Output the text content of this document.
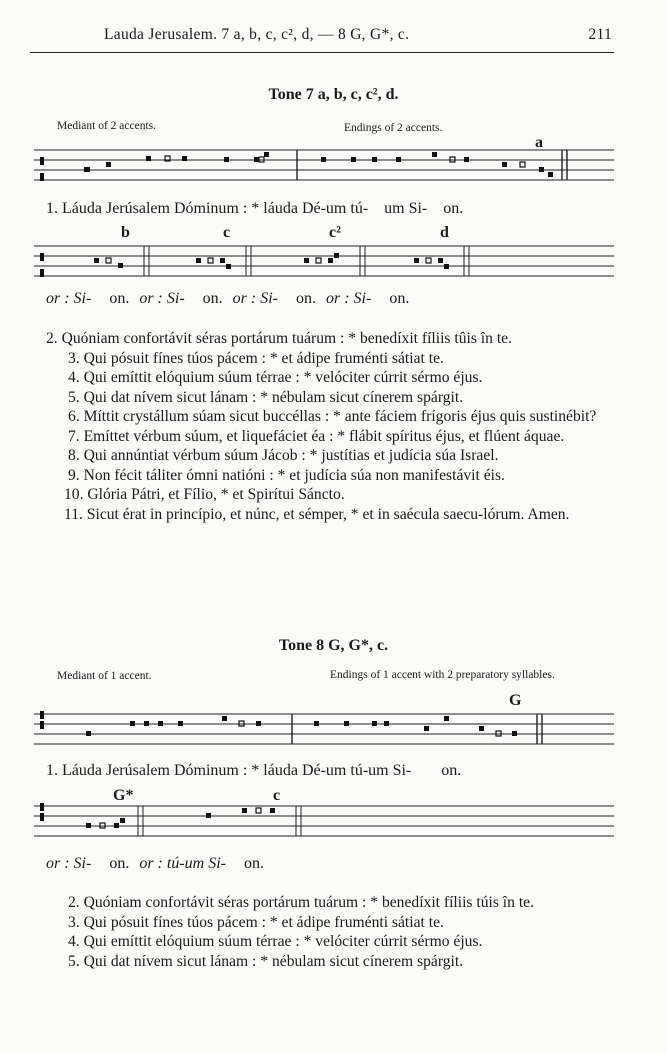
Lauda Jerusalem. 7 a, b, c, c², d, — 8 G, G*, c.	211
Tone 7 a, b, c, c², d.
Mediant of 2 accents.	Endings of 2 accents.
a
1. Láuda Jerúsalem Dóminum : * láuda Dé-um tú- um Si- on.
b	c	c²	d
or : Si- on. or : Si- on. or : Si- on. or : Si- on.

2. Quóniam confortávit séras portárum tuárum : * benedíxit fíliis tûis în te.

3. Qui pósuit fínes túos pácem : * et ádipe fruménti sátiat te.

4. Qui emíttit elóquium súum térrae : * velóciter cúrrit sérmo éjus.

5. Qui dat nívem sicut lánam : * nébulam sicut cínerem spárgit.

6. Míttit crystállum súam sicut buccéllas : * ante fáciem frígoris éjus quis sustinébit?

7. Emíttet vérbum súum, et liquefáciet éa : * flábit spíritus éjus, et flúent áquae.

8. Qui annúntiat vérbum súum Jácob : * justítias et judícia súa Israel.

9. Non fécit táliter ómni natióni : * et judícia súa non manifestávit éis.

10. Glória Pátri, et Fílio, * et Spirítui Sáncto.

11. Sicut érat in princípio, et núnc, et sémper, * et in saécula saecu-lórum. Amen.

Tone 8 G, G*, c.
Mediant of 1 accent.	Endings of 1 accent with 2 preparatory syllables.
G
1. Láuda Jerúsalem Dóminum : * láuda Dé-um tú-um Si- on.
G*	c
or : Si- on. or : tú-um Si- on.

2. Quóniam confortávit séras portárum tuárum : * benedíxit fíliis túis în te.

3. Qui pósuit fínes túos pácem : * et ádipe fruménti sátiat te.

4. Qui emíttit elóquium súum térrae : * velóciter cúrrit sérmo éjus.

5. Qui dat nívem sicut lánam : * nébulam sicut cínerem spárgit.
